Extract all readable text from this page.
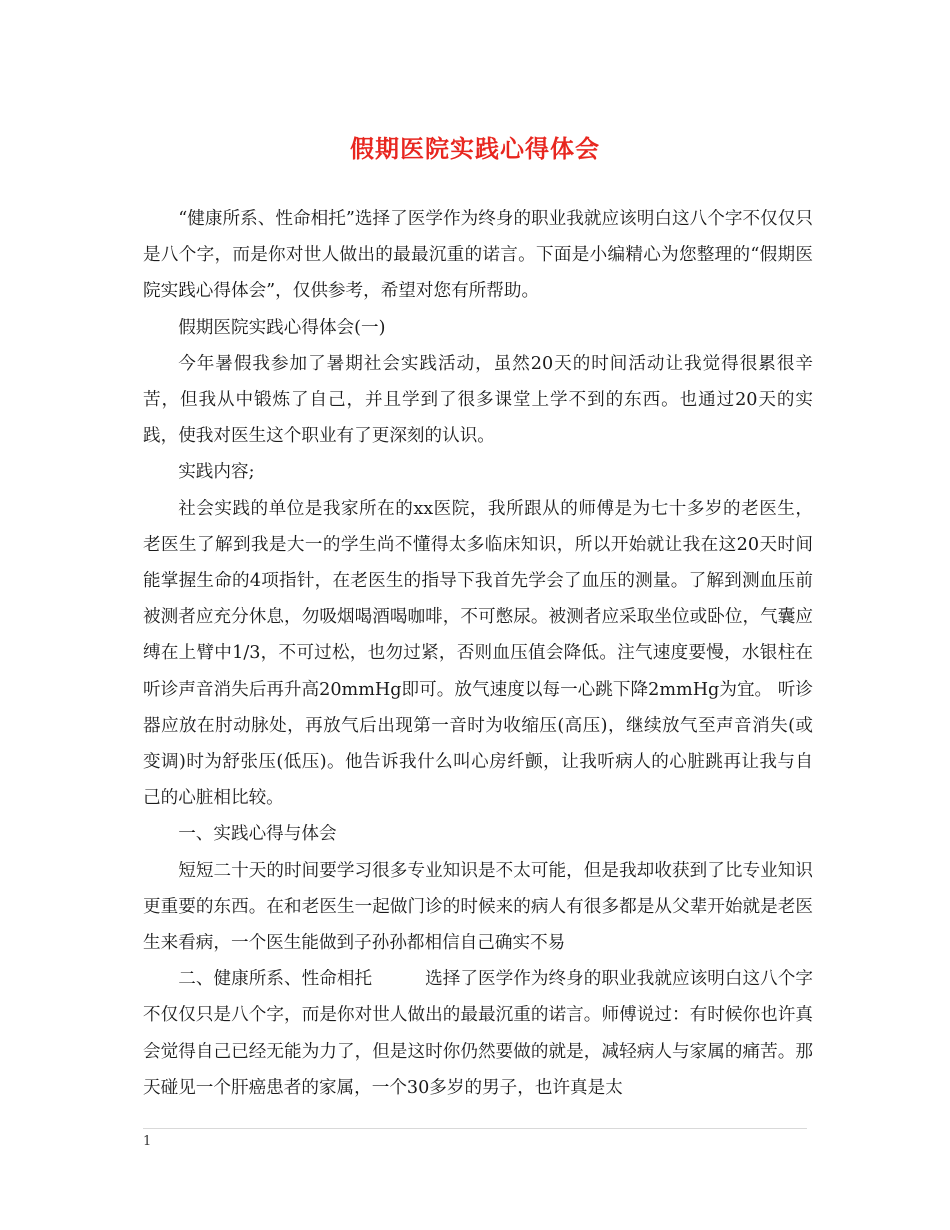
假期医院实践心得体会

“健康所系、性命相托”选择了医学作为终身的职业我就应该明白这八个字不仅仅只是八个字，而是你对世人做出的最最沉重的诺言。下面是小编精心为您整理的“假期医院实践心得体会”，仅供参考，希望对您有所帮助。

假期医院实践心得体会(一)

今年暑假我参加了暑期社会实践活动，虽然20天的时间活动让我觉得很累很辛苦，但我从中锻炼了自己，并且学到了很多课堂上学不到的东西。也通过20天的实践，使我对医生这个职业有了更深刻的认识。

实践内容;

社会实践的单位是我家所在的xx医院，我所跟从的师傅是为七十多岁的老医生，老医生了解到我是大一的学生尚不懂得太多临床知识，所以开始就让我在这20天时间能掌握生命的4项指针，在老医生的指导下我首先学会了血压的测量。了解到测血压前被测者应充分休息，勿吸烟喝酒喝咖啡，不可憋尿。被测者应采取坐位或卧位，气囊应缚在上臂中1/3，不可过松，也勿过紧，否则血压值会降低。注气速度要慢，水银柱在听诊声音消失后再升高20mmHg即可。放气速度以每一心跳下降2mmHg为宜。 听诊器应放在肘动脉处，再放气后出现第一音时为收缩压(高压)，继续放气至声音消失(或变调)时为舒张压(低压)。他告诉我什么叫心房纤颤，让我听病人的心脏跳再让我与自己的心脏相比较。

一、实践心得与体会

短短二十天的时间要学习很多专业知识是不太可能，但是我却收获到了比专业知识更重要的东西。在和老医生一起做门诊的时候来的病人有很多都是从父辈开始就是老医生来看病，一个医生能做到子孙孙都相信自己确实不易

二、健康所系、性命相托　　　选择了医学作为终身的职业我就应该明白这八个字不仅仅只是八个字，而是你对世人做出的最最沉重的诺言。师傅说过：有时候你也许真会觉得自己已经无能为力了，但是这时你仍然要做的就是，减轻病人与家属的痛苦。那天碰见一个肝癌患者的家属，一个30多岁的男子，也许真是太

1
